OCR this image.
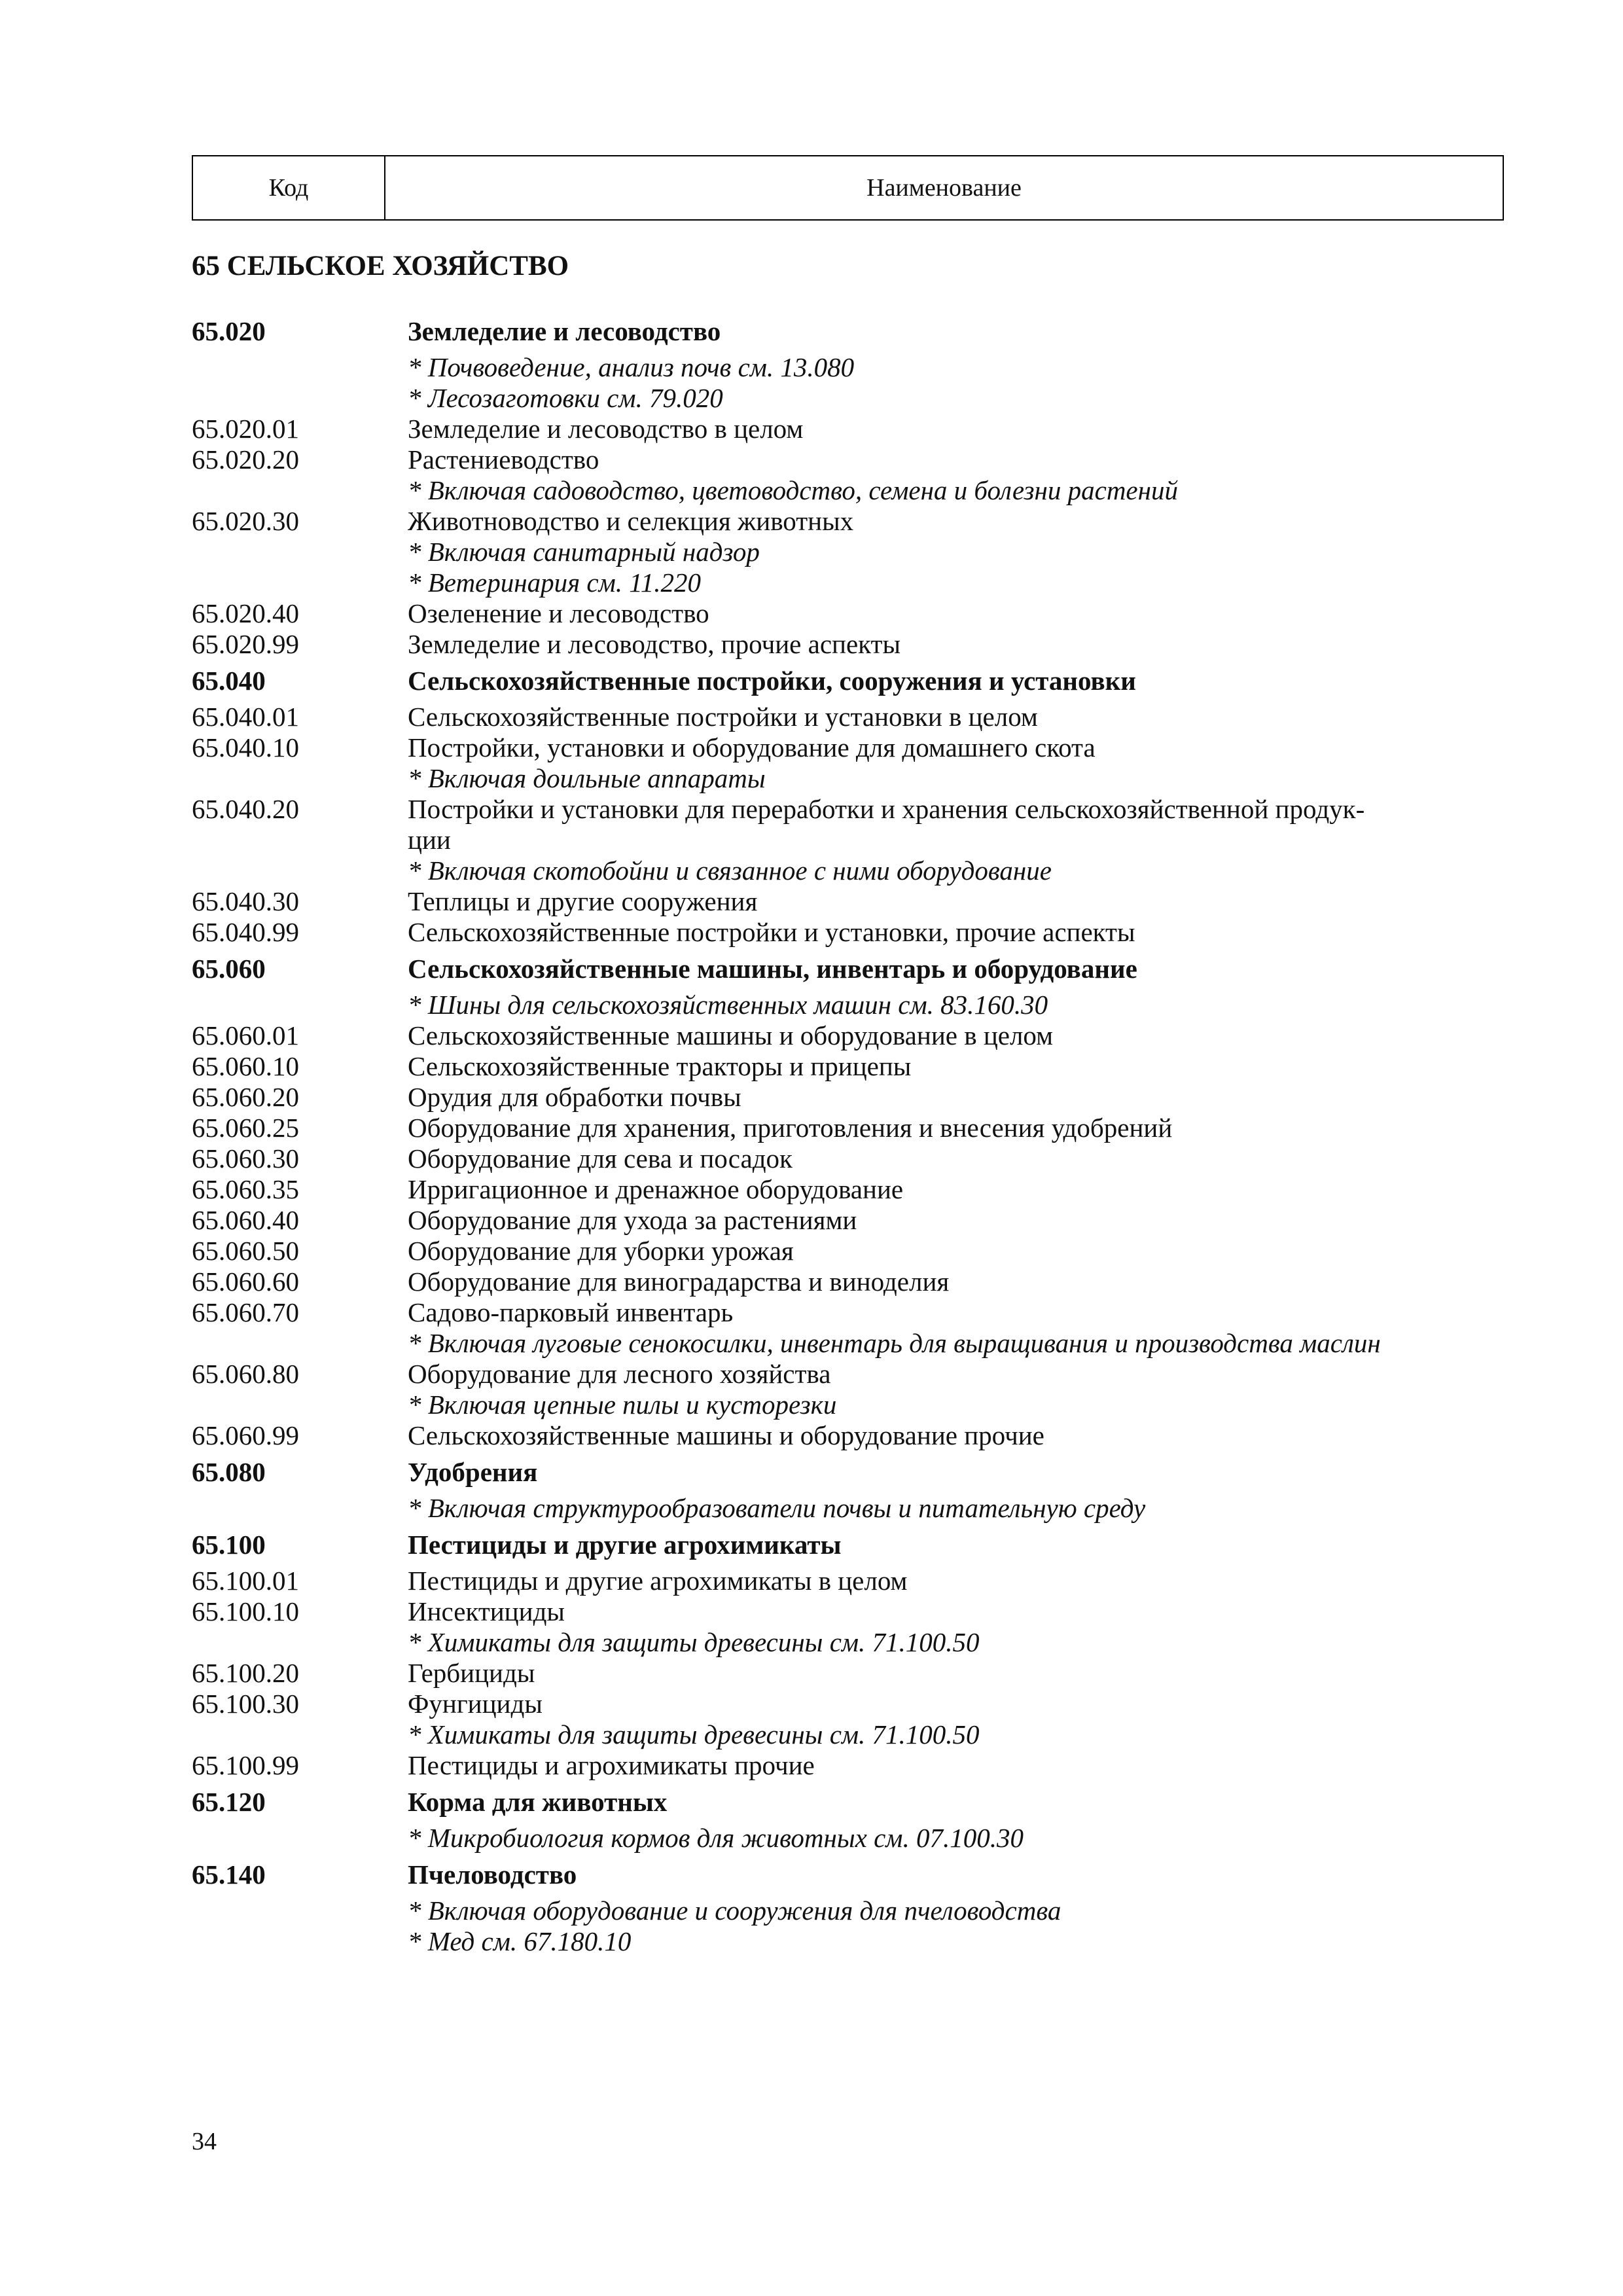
Код	Наименование
65 СЕЛЬСКОЕ ХОЗЯЙСТВО
65.020	Земледелие и лесоводство
* Почвоведение, анализ почв см. 13.080
* Лесозаготовки см. 79.020
65.020.01	Земледелие и лесоводство в целом
65.020.20	Растениеводство
* Включая садоводство, цветоводство, семена и болезни растений
65.020.30	Животноводство и селекция животных
* Включая санитарный надзор
* Ветеринария см. 11.220
65.020.40	Озеленение и лесоводство
65.020.99	Земледелие и лесоводство, прочие аспекты
65.040	Сельскохозяйственные постройки, сооружения и установки
65.040.01	Сельскохозяйственные постройки и установки в целом
65.040.10	Постройки, установки и оборудование для домашнего скота
* Включая доильные аппараты
65.040.20	Постройки и установки для переработки и хранения сельскохозяйственной продук-
ции
* Включая скотобойни и связанное с ними оборудование
65.040.30	Теплицы и другие сооружения
65.040.99	Сельскохозяйственные постройки и установки, прочие аспекты
65.060	Сельскохозяйственные машины, инвентарь и оборудование
* Шины для сельскохозяйственных машин см. 83.160.30
65.060.01	Сельскохозяйственные машины и оборудование в целом
65.060.10	Сельскохозяйственные тракторы и прицепы
65.060.20	Орудия для обработки почвы
65.060.25	Оборудование для хранения, приготовления и внесения удобрений
65.060.30	Оборудование для сева и посадок
65.060.35	Ирригационное и дренажное оборудование
65.060.40	Оборудование для ухода за растениями
65.060.50	Оборудование для уборки урожая
65.060.60	Оборудование для виноградарства и виноделия
65.060.70	Садово-парковый инвентарь
* Включая луговые сенокосилки, инвентарь для выращивания и производства маслин
65.060.80	Оборудование для лесного хозяйства
* Включая цепные пилы и кусторезки
65.060.99	Сельскохозяйственные машины и оборудование прочие
65.080	Удобрения
* Включая структурообразователи почвы и питательную среду
65.100	Пестициды и другие агрохимикаты
65.100.01	Пестициды и другие агрохимикаты в целом
65.100.10	Инсектициды
* Химикаты для защиты древесины см. 71.100.50
65.100.20	Гербициды
65.100.30	Фунгициды
* Химикаты для защиты древесины см. 71.100.50
65.100.99	Пестициды и агрохимикаты прочие
65.120	Корма для животных
* Микробиология кормов для животных см. 07.100.30
65.140	Пчеловодство
* Включая оборудование и сооружения для пчеловодства
* Мед см. 67.180.10
34
